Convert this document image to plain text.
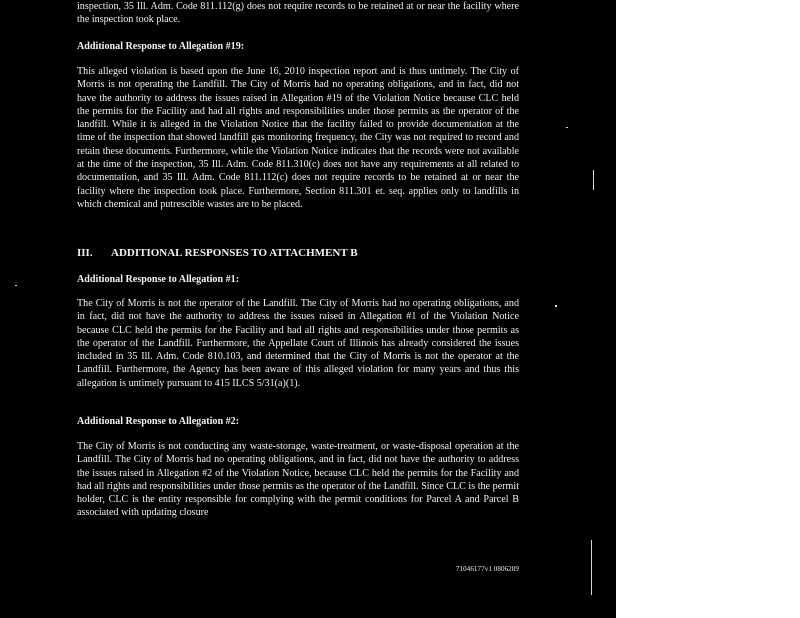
inspection, 35 Ill. Adm. Code 811.112(g) does not require records to be retained at or near the facility where the inspection took place.
Additional Response to Allegation #19:
This alleged violation is based upon the June 16, 2010 inspection report and is thus untimely. The City of Morris is not operating the Landfill. The City of Morris had no operating obligations, and in fact, did not have the authority to address the issues raised in Allegation #19 of the Violation Notice because CLC held the permits for the Facility and had all rights and responsibilities under those permits as the operator of the landfill. While it is alleged in the Violation Notice that the facility failed to provide documentation at the time of the inspection that showed landfill gas monitoring frequency, the City was not required to record and retain these documents. Furthermore, while the Violation Notice indicates that the records were not available at the time of the inspection, 35 Ill. Adm. Code 811.310(c) does not have any requirements at all related to documentation, and 35 Ill. Adm. Code 811.112(c) does not require records to be retained at or near the facility where the inspection took place. Furthermore, Section 811.301 et. seq. applies only to landfills in which chemical and putrescible wastes are to be placed.
III. ADDITIONAL RESPONSES TO ATTACHMENT B
Additional Response to Allegation #1:
The City of Morris is not the operator of the Landfill. The City of Morris had no operating obligations, and in fact, did not have the authority to address the issues raised in Allegation #1 of the Violation Notice because CLC held the permits for the Facility and had all rights and responsibilities under those permits as the operator of the Landfill. Furthermore, the Appellate Court of Illinois has already considered the issues included in 35 Ill. Adm. Code 810.103, and determined that the City of Morris is not the operator at the Landfill. Furthermore, the Agency has been aware of this alleged violation for many years and thus this allegation is untimely pursuant to 415 ILCS 5/31(a)(1).
Additional Response to Allegation #2:
The City of Morris is not conducting any waste-storage, waste-treatment, or waste-disposal operation at the Landfill. The City of Morris had no operating obligations, and in fact, did not have the authority to address the issues raised in Allegation #2 of the Violation Notice, because CLC held the permits for the Facility and had all rights and responsibilities under those permits as the operator of the Landfill. Since CLC is the permit holder, CLC is the entity responsible for complying with the permit conditions for Parcel A and Parcel B associated with updating closure
71046177v1 0806289
